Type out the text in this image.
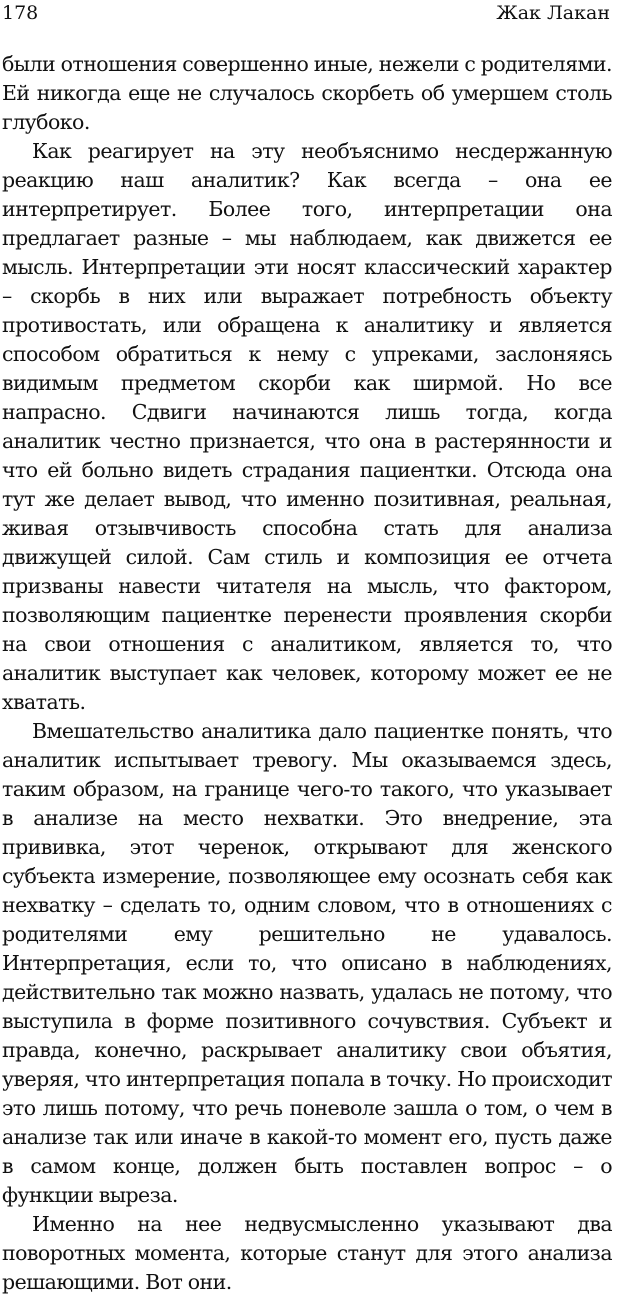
178	Жак Лакан

были отношения совершенно иные, нежели с родителями. Ей никогда еще не случалось скорбеть об умершем столь глубоко.

Как реагирует на эту необъяснимо несдержанную реакцию наш аналитик? Как всегда – она ее интерпретирует. Более того, интерпретации она предлагает разные – мы наблюдаем, как движется ее мысль. Интерпретации эти носят классический характер – скорбь в них или выражает потребность объекту противостать, или обращена к аналитику и является способом обратиться к нему с упреками, заслоняясь видимым предметом скорби как ширмой. Но все напрасно. Сдвиги начинаются лишь тогда, когда аналитик честно признается, что она в растерянности и что ей больно видеть страдания пациентки. Отсюда она тут же делает вывод, что именно позитивная, реальная, живая отзывчивость способна стать для анализа движущей силой. Сам стиль и композиция ее отчета призваны навести читателя на мысль, что фактором, позволяющим пациентке перенести проявления скорби на свои отношения с аналитиком, является то, что аналитик выступает как человек, которому может ее не хватать.

Вмешательство аналитика дало пациентке понять, что аналитик испытывает тревогу. Мы оказываемся здесь, таким образом, на границе чего-то такого, что указывает в анализе на место нехватки. Это внедрение, эта прививка, этот черенок, открывают для женского субъекта измерение, позволяющее ему осознать себя как нехватку – сделать то, одним словом, что в отношениях с родителями ему решительно не удавалось. Интерпретация, если то, что описано в наблюдениях, действительно так можно назвать, удалась не потому, что выступила в форме позитивного сочувствия. Субъект и правда, конечно, раскрывает аналитику свои объятия, уверяя, что интерпретация попала в точку. Но происходит это лишь потому, что речь поневоле зашла о том, о чем в анализе так или иначе в какой-то момент его, пусть даже в самом конце, должен быть поставлен вопрос – о функции выреза.

Именно на нее недвусмысленно указывают два поворотных момента, которые станут для этого анализа решающими. Вот они.
